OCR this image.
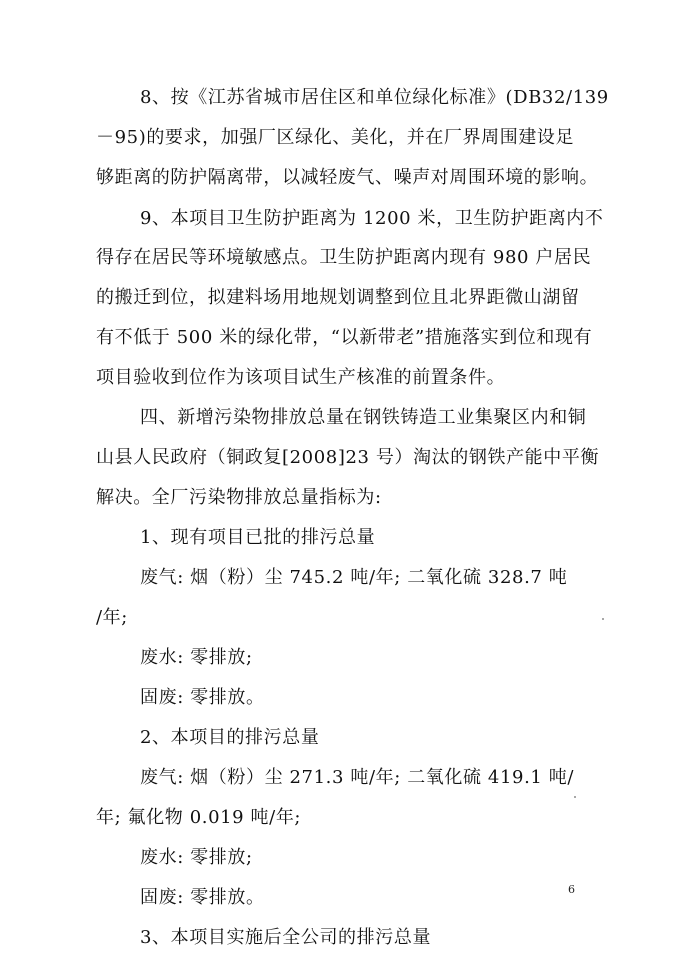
8、按《江苏省城市居住区和单位绿化标准》(DB32/139
－95)的要求，加强厂区绿化、美化，并在厂界周围建设足
够距离的防护隔离带，以减轻废气、噪声对周围环境的影响。
9、本项目卫生防护距离为 1200 米，卫生防护距离内不
得存在居民等环境敏感点。卫生防护距离内现有 980 户居民
的搬迁到位，拟建料场用地规划调整到位且北界距微山湖留
有不低于 500 米的绿化带，“以新带老”措施落实到位和现有
项目验收到位作为该项目试生产核准的前置条件。
四、新增污染物排放总量在钢铁铸造工业集聚区内和铜
山县人民政府（铜政复[2008]23 号）淘汰的钢铁产能中平衡
解决。全厂污染物排放总量指标为:
1、现有项目已批的排污总量
废气: 烟（粉）尘 745.2 吨/年; 二氧化硫 328.7 吨
/年;
废水: 零排放;
固废: 零排放。
2、本项目的排污总量
废气: 烟（粉）尘 271.3 吨/年; 二氧化硫 419.1 吨/
年; 氟化物 0.019 吨/年;
废水: 零排放;
固废: 零排放。
3、本项目实施后全公司的排污总量
6
